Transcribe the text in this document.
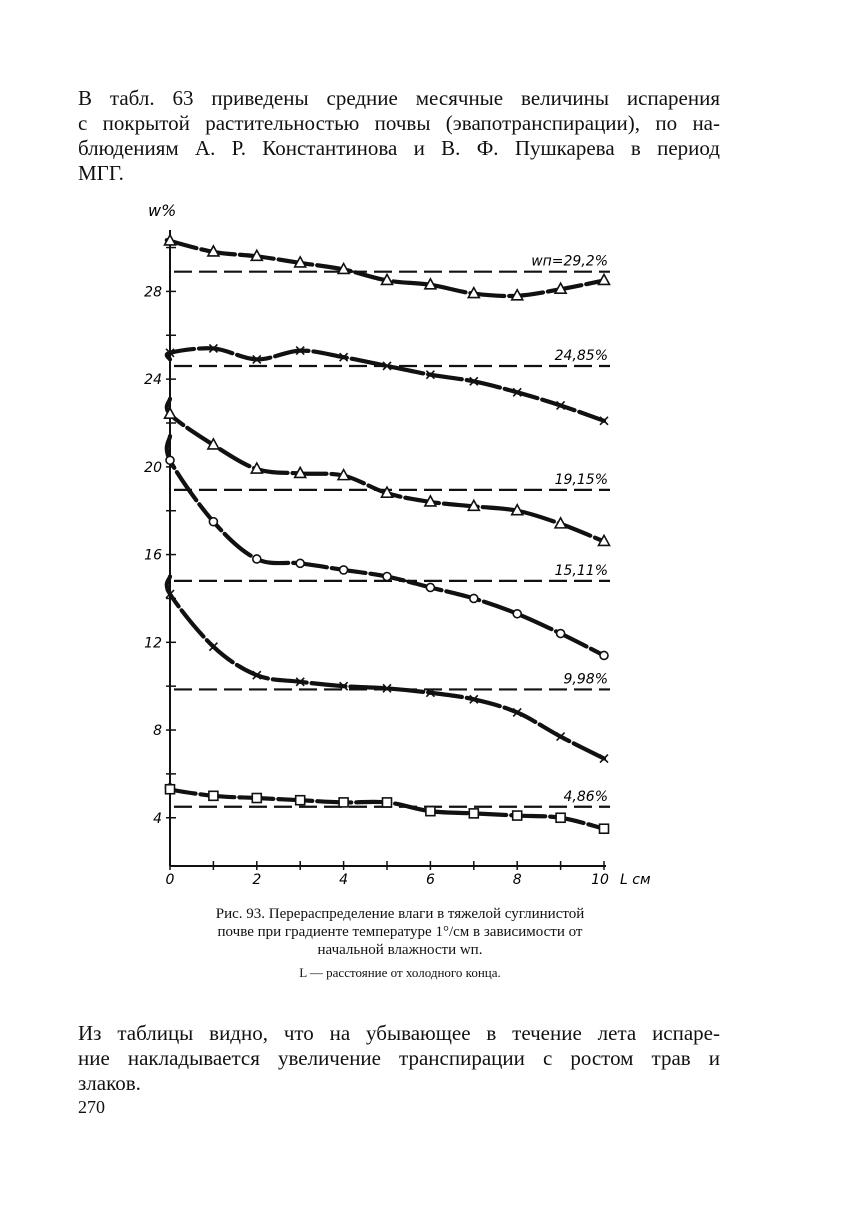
В табл. 63 приведены средние месячные величины испарения
с покрытой растительностью почвы (эвапотранспирации), по на-
блюдениям А. Р. Константинова и В. Ф. Пушкарева в период
МГГ.

4
8
12
16
20
24
28
0	2	4	6	8	10
w%
L см
wп=29,2%
24,85%
19,15%
15,11%
9,98%
4,86%
Рис. 93. Перераспределение влаги в тяжелой суглинистой
почве при градиенте температуре 1°/см в зависимости от
начальной влажности wп.
L — расстояние от холодного конца.

Из таблицы видно, что на убывающее в течение лета испаре-
ние накладывается увеличение транспирации с ростом трав и
злаков.

270
